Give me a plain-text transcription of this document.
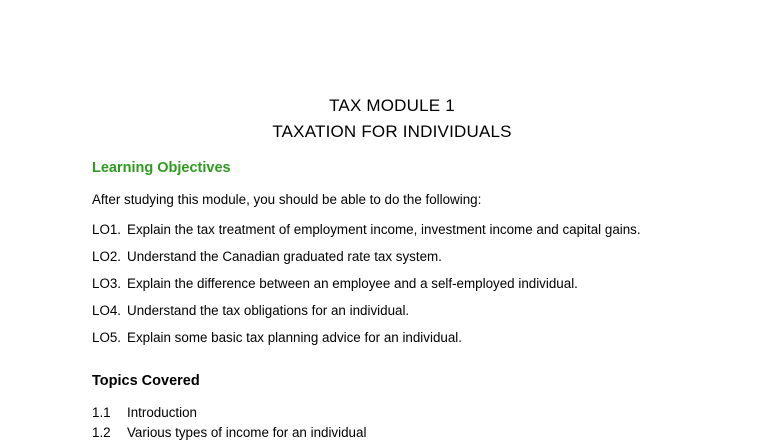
TAX MODULE 1
TAXATION FOR INDIVIDUALS
Learning Objectives
After studying this module, you should be able to do the following:
LO1. Explain the tax treatment of employment income, investment income and capital gains.
LO2. Understand the Canadian graduated rate tax system.
LO3. Explain the difference between an employee and a self-employed individual.
LO4. Understand the tax obligations for an individual.
LO5. Explain some basic tax planning advice for an individual.
Topics Covered
1.1 Introduction
1.2 Various types of income for an individual
